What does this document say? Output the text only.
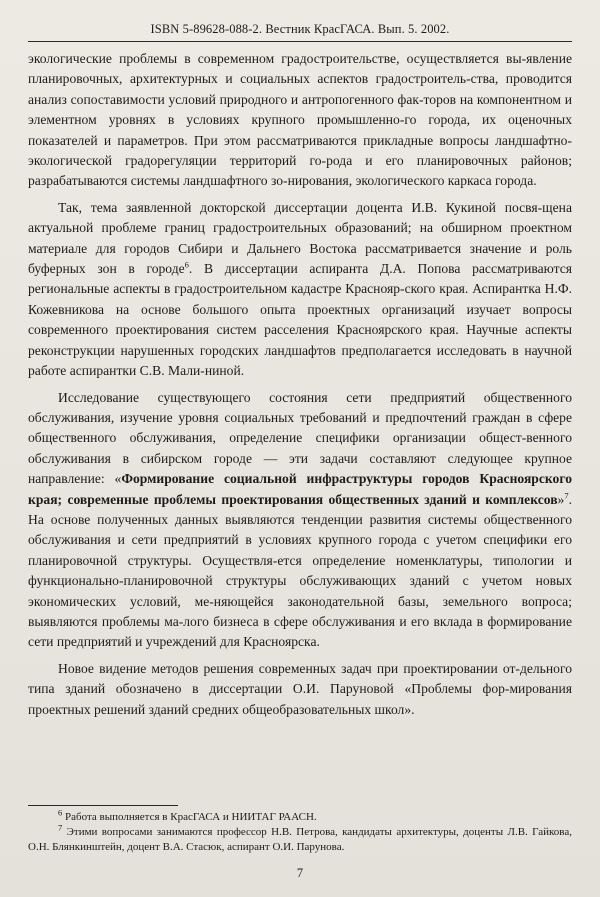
ISBN 5-89628-088-2. Вестник КрасГАСА. Вып. 5. 2002.

экологические проблемы в современном градостроительстве, осуществляется вы-явление планировочных, архитектурных и социальных аспектов градостроитель-ства, проводится анализ сопоставимости условий природного и антропогенного фак-торов на компонентном и элементном уровнях в условиях крупного промышленно-го города, их оценочных показателей и параметров. При этом рассматриваются прикладные вопросы ландшафтно-экологической градорегуляции территорий го-рода и его планировочных районов; разрабатываются системы ландшафтного зо-нирования, экологического каркаса города.

Так, тема заявленной докторской диссертации доцента И.В. Кукиной посвя-щена актуальной проблеме границ градостроительных образований; на обширном проектном материале для городов Сибири и Дальнего Востока рассматривается значение и роль буферных зон в городе$^6$. В диссертации аспиранта Д.А. Попова рассматриваются региональные аспекты в градостроительном кадастре Краснояр-ского края. Аспирантка Н.Ф. Кожевникова на основе большого опыта проектных организаций изучает вопросы современного проектирования систем расселения Красноярского края. Научные аспекты реконструкции нарушенных городских ландшафтов предполагается исследовать в научной работе аспирантки С.В. Мали-ниной.

Исследование существующего состояния сети предприятий общественного обслуживания, изучение уровня социальных требований и предпочтений граждан в сфере общественного обслуживания, определение специфики организации общест-венного обслуживания в сибирском городе — эти задачи составляют следующее крупное направление: «Формирование социальной инфраструктуры городов Красноярского края; современные проблемы проектирования общественных зданий и комплексов»$^7$. На основе полученных данных выявляются тенденции развития системы общественного обслуживания и сети предприятий в условиях крупного города с учетом специфики его планировочной структуры. Осуществля-ется определение номенклатуры, типологии и функционально-планировочной структуры обслуживающих зданий с учетом новых экономических условий, ме-няющейся законодательной базы, земельного вопроса; выявляются проблемы ма-лого бизнеса в сфере обслуживания и его вклада в формирование сети предприятий и учреждений для Красноярска.

Новое видение методов решения современных задач при проектировании от-дельного типа зданий обозначено в диссертации О.И. Паруновой «Проблемы фор-мирования проектных решений зданий средних общеобразовательных школ».

$^6$ Работа выполняется в КрасГАСА и НИИТАГ РААСН.

$^7$ Этими вопросами занимаются профессор Н.В. Петрова, кандидаты архитектуры, доценты Л.В. Гайкова, О.Н. Блянкинштейн, доцент В.А. Стасюк, аспирант О.И. Парунова.

7
